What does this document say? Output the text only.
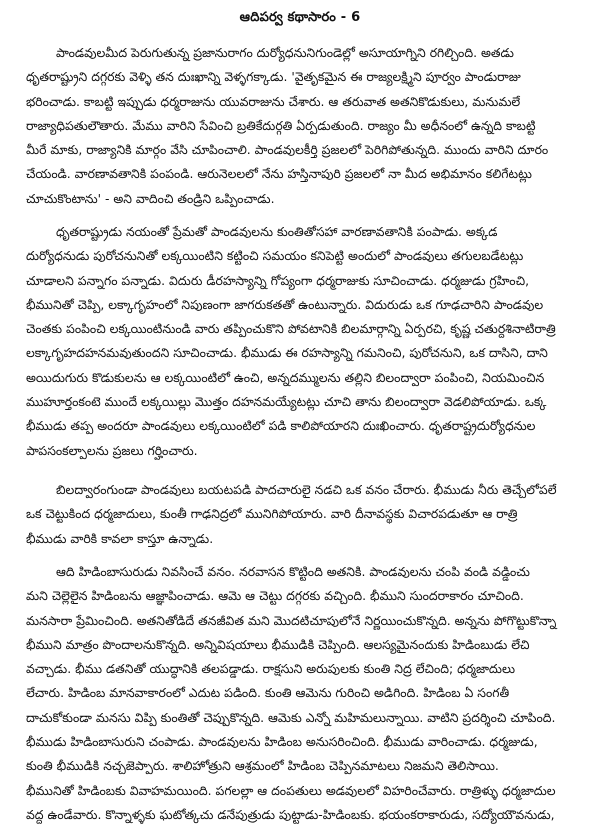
ఆదిపర్వ కథాసారం - 6
పాండవులమీద పెరుగుతున్న ప్రజానురాగం దుర్యోధనునిగుండెల్లో అసూయాగ్నిని రగిల్చింది. అతడు
ధృతరాష్ట్రుని దగ్గరకు వెళ్ళి తన దుఃఖాన్ని వెళ్ళగక్కాడు. 'వైతృకమైన ఈ రాజ్యలక్ష్మిని పూర్వం పాండురాజు
భరించాడు. కాబట్టి ఇప్పుడు ధర్మరాజును యువరాజును చేశారు. ఆ తరువాత అతనికొడుకులు, మనుమలే
రాజ్యాధిపతులౌతారు. మేము వారిని సేవించి బ్రతికేదుర్గతి ఏర్పడుతుంది. రాజ్యం మీ అధీనంలో ఉన్నది కాబట్టి
మీరే మాకు, రాజ్యానికి మార్గం వేసి చూపించాలి. పాండవులకీర్తి ప్రజలలో పెరిగిపోతున్నది. ముందు వారిని దూరం
చేయండి. వారణావతానికి పంపండి. ఆరునెలలలో నేను హస్తినాపురి ప్రజలలో నా మీద అభిమానం కలిగేటట్లు
చూచుకొంటాను' - అని వాదించి తండ్రిని ఒప్పించాడు.
ధృతరాష్ట్రుడు నయంతో ప్రేమతో పాండవులను కుంతితోసహా వారణావతానికి పంపాడు. అక్కడ
దుర్యోధనుడు పురోచనునితో లక్కయింటిని కట్టించి సమయం కనిపెట్టి అందులో పాండవులు తగులబడేటట్లు
చూడాలని పన్నాగం పన్నాడు. విదురు డీరహస్యాన్ని గోప్యంగా ధర్మరాజుకు సూచించాడు. ధర్మజుడు గ్రహించి,
భీమునితో చెప్పి, లక్కాగృహంలో నిపుణంగా జాగరుకతతో ఉంటున్నారు. విదురుడు ఒక గూఢచారిని పాండవుల
చెంతకు పంపించి లక్కయింటినుండి వారు తప్పించుకొని పోవటానికి బిలమార్గాన్ని ఏర్పరచి, కృష్ణ చతుర్దశినాటిరాత్రి
లక్కాగృహదహనమవుతుందని సూచించాడు. భీముడు ఈ రహస్యాన్ని గమనించి, పురోచనుని, ఒక దాసిని, దాని
అయిదుగురు కొడుకులను ఆ లక్కయింటిలో ఉంచి, అన్నదమ్ములను తల్లిని బిలంద్వారా పంపించి, నియమించిన
ముహూర్తంకంటె ముందే లక్కయిల్లు మొత్తం దహనమయ్యేటట్లు చూచి తాను బిలంద్వారా వెడలిపోయాడు. ఒక్క
భీముడు తప్ప అందరూ పాండవులు లక్కయింటిలో పడి కాలిపోయారని దుఃఖించారు. ధృతరాష్ట్రదుర్యోధనుల
పాపసంకల్పాలను ప్రజలు గర్హించారు.
బిలద్వారంగుండా పాండవులు బయటపడి పాదచారులై నడచి ఒక వనం చేరారు. భీముడు నీరు తెచ్చేలోపలే
ఒక చెట్టుకింద ధర్మజాదులు, కుంతీ గాఢనిద్రలో మునిగిపోయారు. వారి దీనావస్థకు విచారపడుతూ ఆ రాత్రి
భీముడు వారికి కావలా కాస్తూ ఉన్నాడు.
ఆది హిడింబాసురుడు నివసించే వనం. నరవాసన కొట్టింది అతనికి. పాండవులను చంపి వండి వడ్డించు
మని చెల్లెలైన హిడింబను ఆజ్ఞాపించాడు. ఆమె ఆ చెట్టు దగ్గరకు వచ్చింది. భీముని సుందరాకారం చూచింది.
మనసారా ప్రేమించింది. అతనితోడిదే తనజీవిత మని మొదటిచూపులోనే నిర్ణయించుకొన్నది. అన్నను పోగొట్టుకొన్నా
భీముని మాత్రం పొందాలనుకొన్నది. అన్నివిషయాలు భీముడికి చెప్పింది. ఆలస్యమైనందుకు హిడింబుడు లేచి
వచ్చాడు. భీము డతనితో యుద్ధానికి తలపడ్డాడు. రాక్షసుని అరుపులకు కుంతి నిద్ర లేచింది; ధర్మజాదులు
లేచారు. హిడింబ మానవాకారంలో ఎదుట పడింది. కుంతి ఆమెను గురించి అడిగింది. హిడింబ ఏ సంగతీ
దాచుకోకుండా మనసు విప్పి కుంతితో చెప్పుకొన్నది. ఆమెకు ఎన్నో మహిమలున్నాయి. వాటిని ప్రదర్శించి చూపింది.
భీముడు హిడింబాసురుని చంపాడు. పాండవులను హిడింబ అనుసరించింది. భీముడు వారించాడు. ధర్మజుడు,
కుంతి భీముడికి నచ్చజెప్పారు. శాలిహోత్రుని ఆశ్రమంలో హిడింబ చెప్పినమాటలు నిజమని తెలిసాయి.
భీమునితో హిడింబకు వివాహమయింది. పగలల్లా ఆ దంపతులు అడవులలో విహరించేవారు. రాత్రిళ్ళు ధర్మజాదుల
వద్ద ఉండేవారు. కొన్నాళ్ళకు ఘటోత్కచు డనేపుత్రుడు పుట్టాడు-హిడింబకు. భయంకరాకారుడు, సద్యోయౌవనుడు,
